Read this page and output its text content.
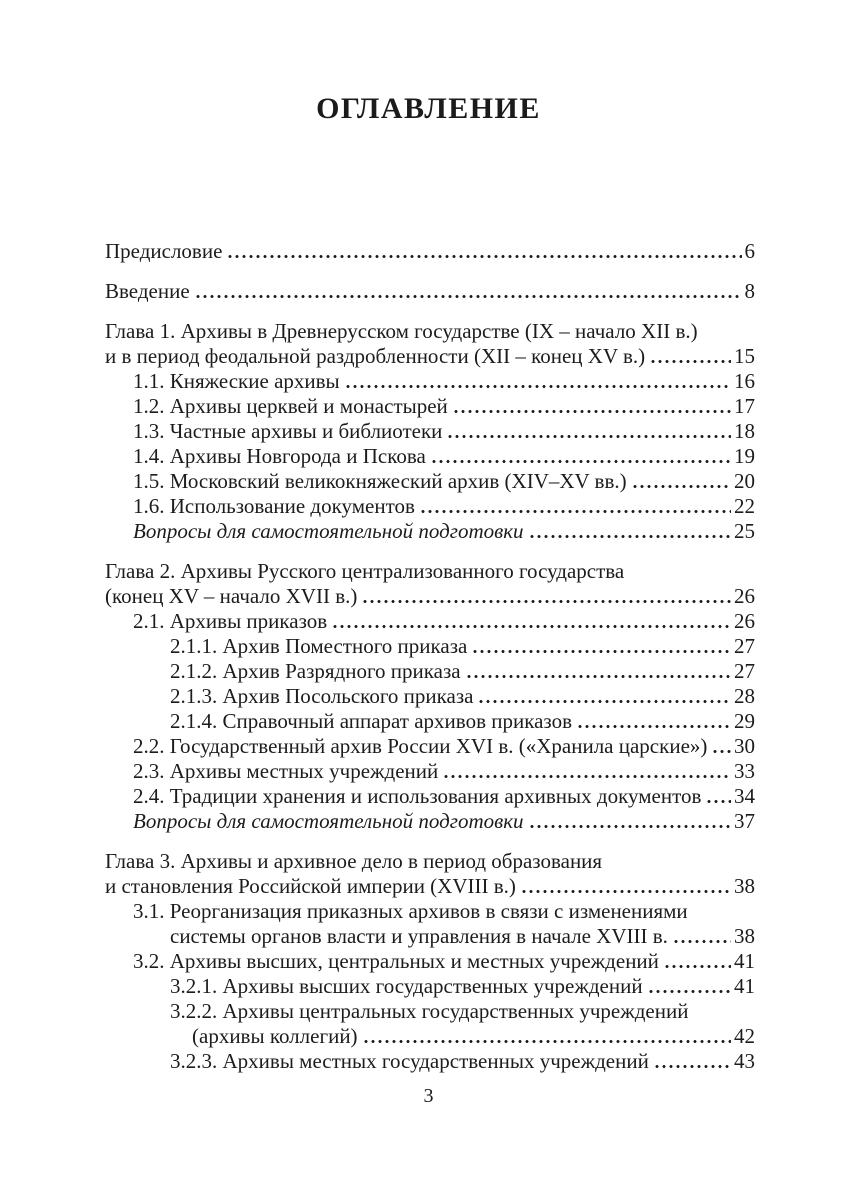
ОГЛАВЛЕНИЕ
Предисловие	6
Введение	8
Глава 1. Архивы в Древнерусском государстве (IX – начало XII в.)
и в период феодальной раздробленности (XII – конец XV в.)	15
1.1. Княжеские архивы	16
1.2. Архивы церквей и монастырей	17
1.3. Частные архивы и библиотеки	18
1.4. Архивы Новгорода и Пскова	19
1.5. Московский великокняжеский архив (XIV–XV вв.)	20
1.6. Использование документов	22
Вопросы для самостоятельной подготовки	25
Глава 2. Архивы Русского централизованного государства
(конец XV – начало XVII в.)	26
2.1. Архивы приказов	26
2.1.1. Архив Поместного приказа	27
2.1.2. Архив Разрядного приказа	27
2.1.3. Архив Посольского приказа	28
2.1.4. Справочный аппарат архивов приказов	29
2.2. Государственный архив России XVI в. («Хранила царские») 30
2.3. Архивы местных учреждений	33
2.4. Традиции хранения и использования архивных документов 34
Вопросы для самостоятельной подготовки	37
Глава 3. Архивы и архивное дело в период образования
и становления Российской империи (XVIII в.)	38
3.1. Реорганизация приказных архивов в связи с изменениями
системы органов власти и управления в начале XVIII в.	38
3.2. Архивы высших, центральных и местных учреждений	41
3.2.1. Архивы высших государственных учреждений	41
3.2.2. Архивы центральных государственных учреждений
(архивы коллегий)	42
3.2.3. Архивы местных государственных учреждений	43
3
